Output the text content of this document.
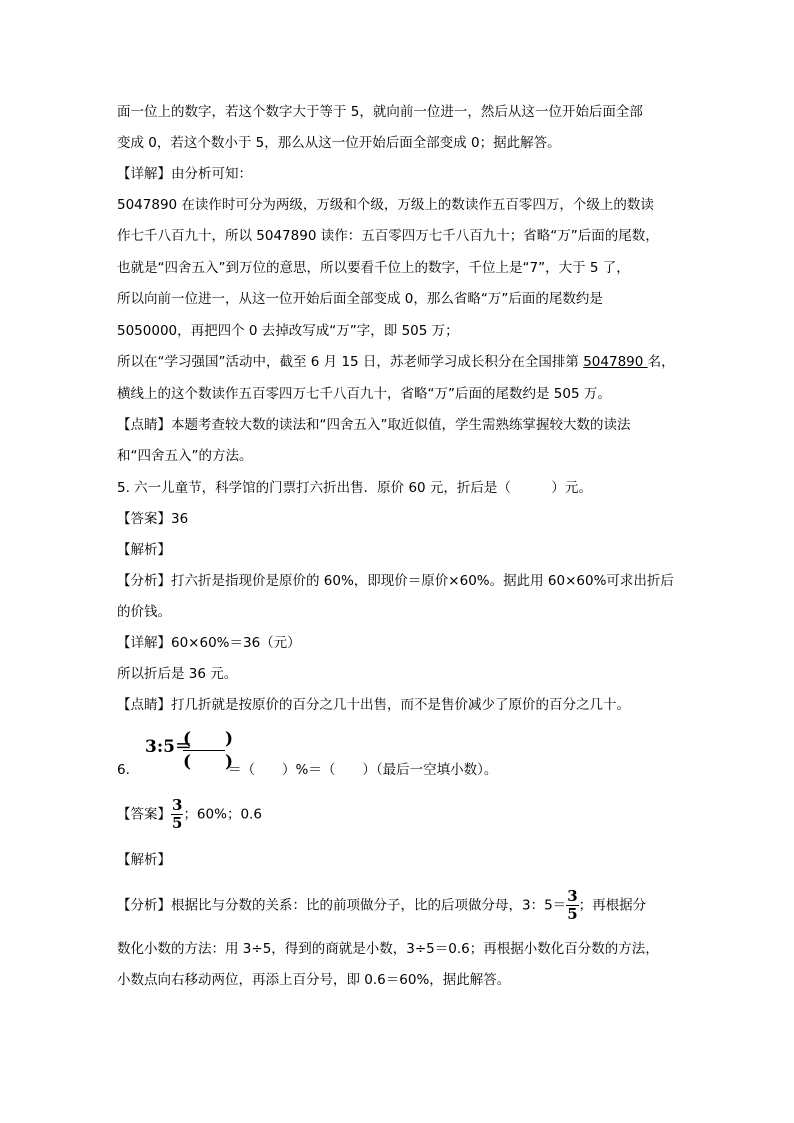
面一位上的数字，若这个数字大于等于 5，就向前一位进一，然后从这一位开始后面全部
变成 0，若这个数小于 5，那么从这一位开始后面全部变成 0；据此解答。
【详解】由分析可知：
5047890 在读作时可分为两级，万级和个级，万级上的数读作五百零四万，个级上的数读
作七千八百九十，所以 5047890 读作：五百零四万七千八百九十；省略“万”后面的尾数，
也就是“四舍五入”到万位的意思，所以要看千位上的数字，千位上是“7”，大于 5 了，
所以向前一位进一，从这一位开始后面全部变成 0，那么省略“万”后面的尾数约是
5050000，再把四个 0 去掉改写成“万”字，即 505 万；
所以在“学习强国”活动中，截至 6 月 15 日，苏老师学习成长积分在全国排第 5047890 名，
横线上的这个数读作五百零四万七千八百九十，省略“万”后面的尾数约是 505 万。
【点睛】本题考查较大数的读法和“四舍五入”取近似值，学生需熟练掌握较大数的读法
和“四舍五入”的方法。
5. 六一儿童节，科学馆的门票打六折出售．原价 60 元，折后是（　　　）元。
【答案】36
【解析】
【分析】打六折是指现价是原价的 60%，即现价＝原价×60%。据此用 60×60%可求出折后
的价钱。
【详解】60×60%＝36（元）
所以折后是 36 元。
【点睛】打几折就是按原价的百分之几十出售，而不是售价减少了原价的百分之几十。
3:5＝
(　　)
(　　)
6.	＝（　　）%＝（　　）（最后一空填小数）。
【答案】 $\frac{3}{5}$ ；60%；0.6
【解析】
【分析】根据比与分数的关系：比的前项做分子，比的后项做分母，3：$5= \frac{3}{5}$ ；再根据分
数化小数的方法：用 3÷5，得到的商就是小数，3÷5＝0.6；再根据小数化百分数的方法，
小数点向右移动两位，再添上百分号，即 0.6＝60%，据此解答。
